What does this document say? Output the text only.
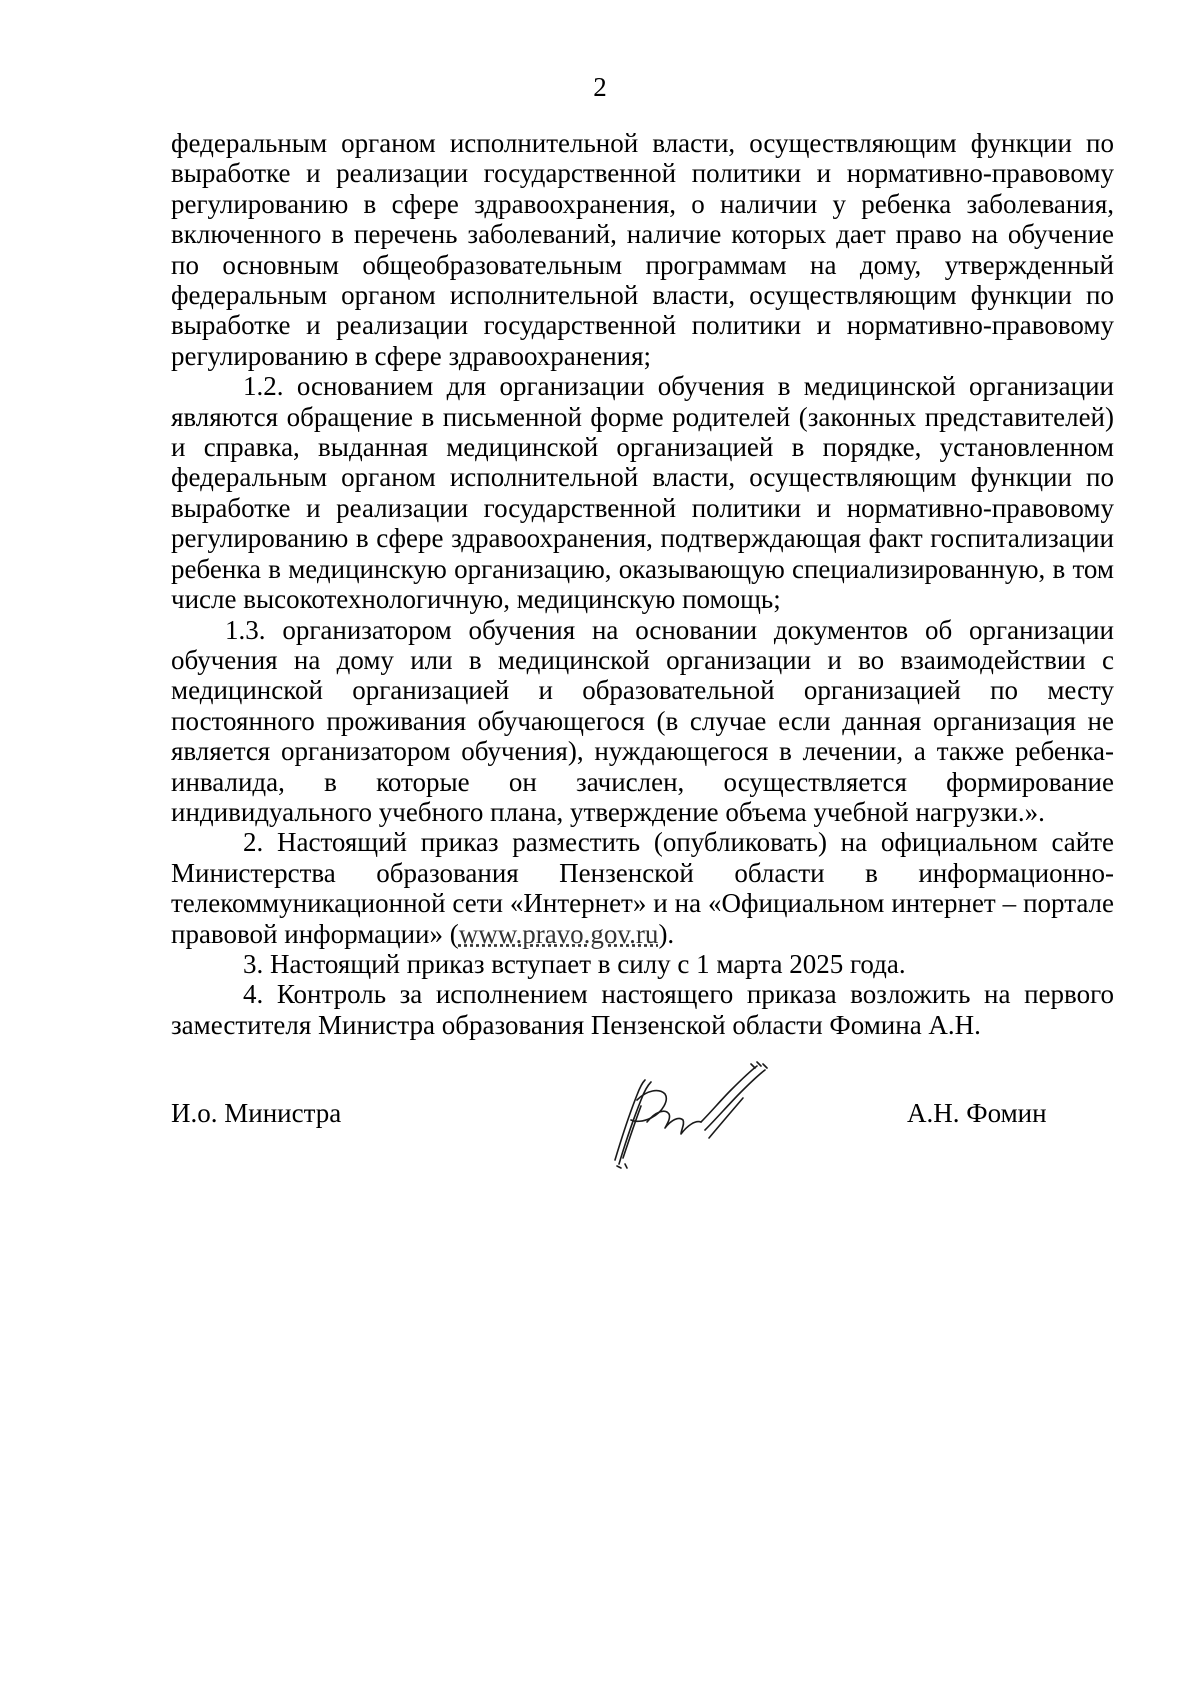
2

федеральным органом исполнительной власти, осуществляющим функции по выработке и реализации государственной политики и нормативно-правовому регулированию в сфере здравоохранения, о наличии у ребенка заболевания, включенного в перечень заболеваний, наличие которых дает право на обучение по основным общеобразовательным программам на дому, утвержденный федеральным органом исполнительной власти, осуществляющим функции по выработке и реализации государственной политики и нормативно-правовому регулированию в сфере здравоохранения;

1.2. основанием для организации обучения в медицинской организации являются обращение в письменной форме родителей (законных представителей) и справка, выданная медицинской организацией в порядке, установленном федеральным органом исполнительной власти, осуществляющим функции по выработке и реализации государственной политики и нормативно-правовому регулированию в сфере здравоохранения, подтверждающая факт госпитализации ребенка в медицинскую организацию, оказывающую специализированную, в том числе высокотехнологичную, медицинскую помощь;

1.3. организатором обучения на основании документов об организации обучения на дому или в медицинской организации и во взаимодействии с медицинской организацией и образовательной организацией по месту постоянного проживания обучающегося (в случае если данная организация не является организатором обучения), нуждающегося в лечении, а также ребенка-инвалида, в которые он зачислен, осуществляется формирование индивидуального учебного плана, утверждение объема учебной нагрузки.».

2. Настоящий приказ разместить (опубликовать) на официальном сайте Министерства образования Пензенской области в информационно-телекоммуникационной сети «Интернет» и на «Официальном интернет – портале правовой информации» (www.pravo.gov.ru).

3. Настоящий приказ вступает в силу с 1 марта 2025 года.

4. Контроль за исполнением настоящего приказа возложить на первого заместителя Министра образования Пензенской области Фомина А.Н.

И.о. Министра	А.Н. Фомин
